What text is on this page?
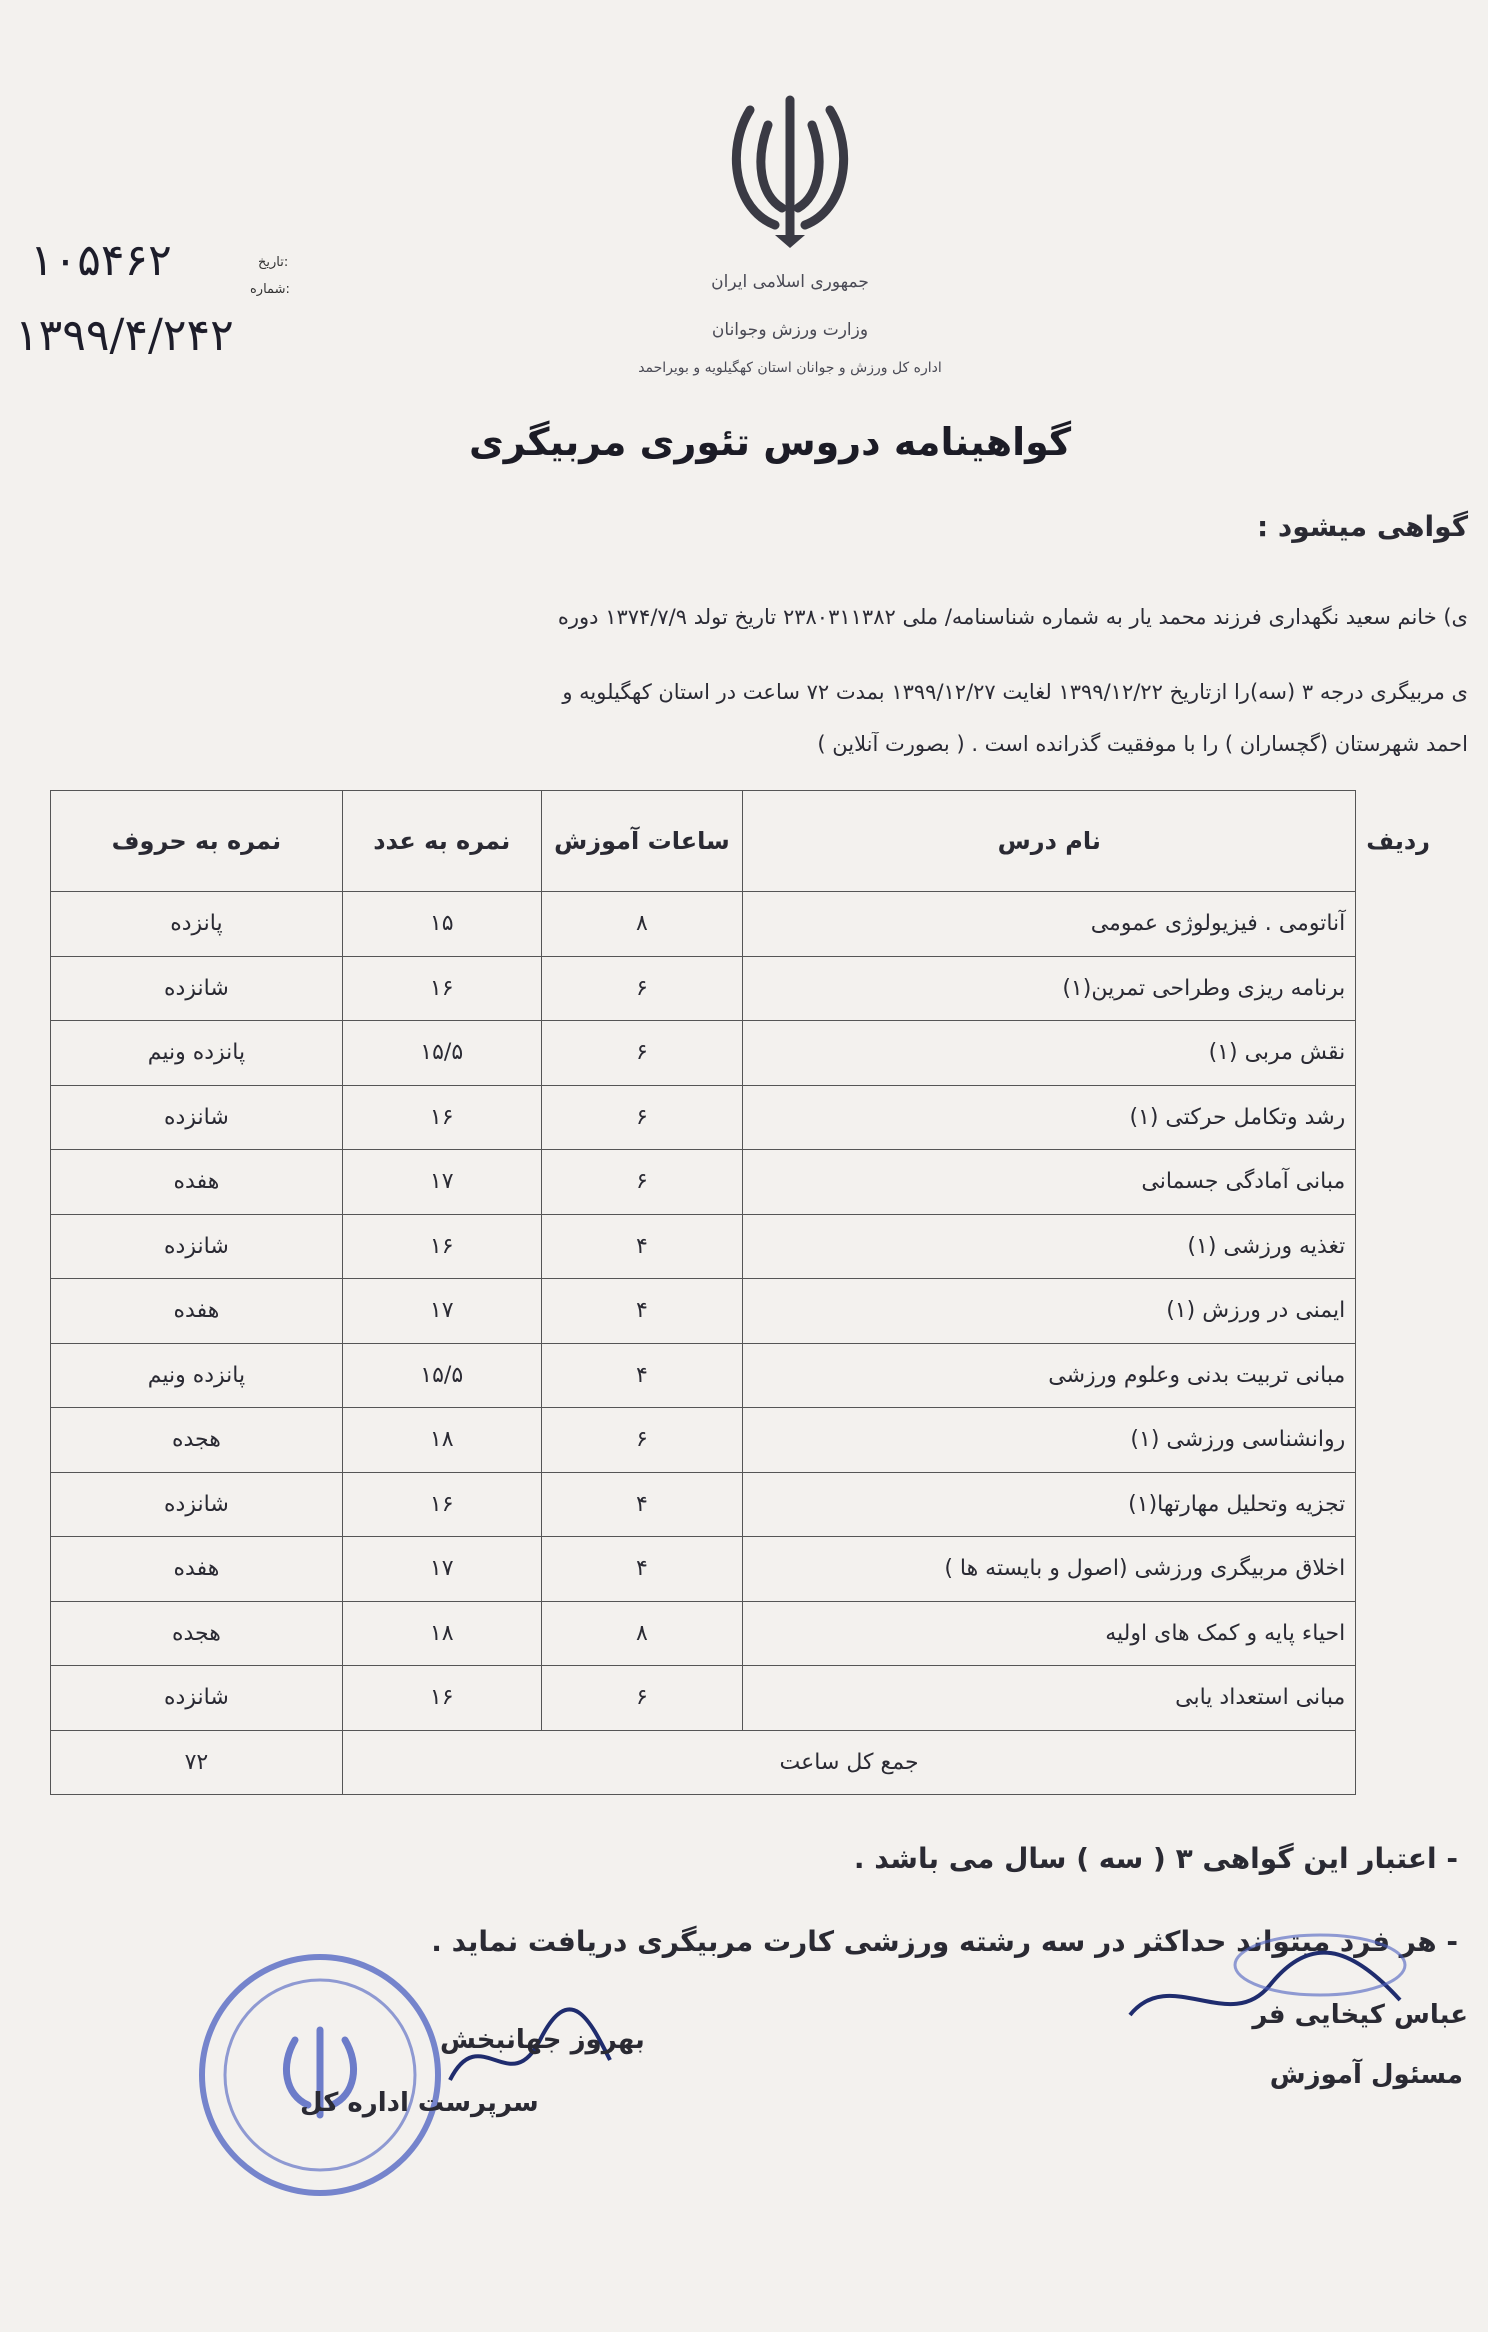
جمهوری اسلامی ایران
وزارت ورزش وجوانان
اداره کل ورزش و جوانان استان کهگیلویه و بویراحمد
تاریخ:
شماره:
۱۰۵۴۶۲
۱۳۹۹/۴/۲۴۲
گواهینامه دروس تئوری مربیگری
گواهی میشود :
ی) خانم سعید نگهداری فرزند محمد یار به شماره شناسنامه/ ملی ۲۳۸۰۳۱۱۳۸۲ تاریخ تولد ۱۳۷۴/۷/۹ دوره
ی مربیگری درجه ۳ (سه)را ازتاریخ ۱۳۹۹/۱۲/۲۲ لغایت ۱۳۹۹/۱۲/۲۷ بمدت ۷۲ ساعت در استان کهگیلویه و
احمد شهرستان (گچساران ) را با موفقیت گذرانده است . ( بصورت آنلاین )
ردیف	نام درس	ساعات آموزش	نمره به عدد	نمره به حروف
	آناتومی . فیزیولوژی عمومی	۸	۱۵	پانزده
	برنامه ریزی وطراحی تمرین(۱)	۶	۱۶	شانزده
	نقش مربی (۱)	۶	۱۵/۵	پانزده ونیم
	رشد وتکامل حرکتی (۱)	۶	۱۶	شانزده
	مبانی آمادگی جسمانی	۶	۱۷	هفده
	تغذیه ورزشی (۱)	۴	۱۶	شانزده
	ایمنی در ورزش (۱)	۴	۱۷	هفده
	مبانی تربیت بدنی وعلوم ورزشی	۴	۱۵/۵	پانزده ونیم
	روانشناسی ورزشی (۱)	۶	۱۸	هجده
	تجزیه وتحلیل مهارتها(۱)	۴	۱۶	شانزده
	اخلاق مربیگری ورزشی (اصول و بایسته ها )	۴	۱۷	هفده
	احیاء پایه و کمک های اولیه	۸	۱۸	هجده
	مبانی استعداد یابی	۶	۱۶	شانزده
	جمع کل ساعت			۷۲
- اعتبار این گواهی ۳ ( سه ) سال می باشد .
- هر فرد میتواند حداکثر در سه رشته ورزشی کارت مربیگری دریافت نماید .
عباس کیخایی فر
مسئول آموزش
بهروز جهانبخش
سرپرست اداره کل
